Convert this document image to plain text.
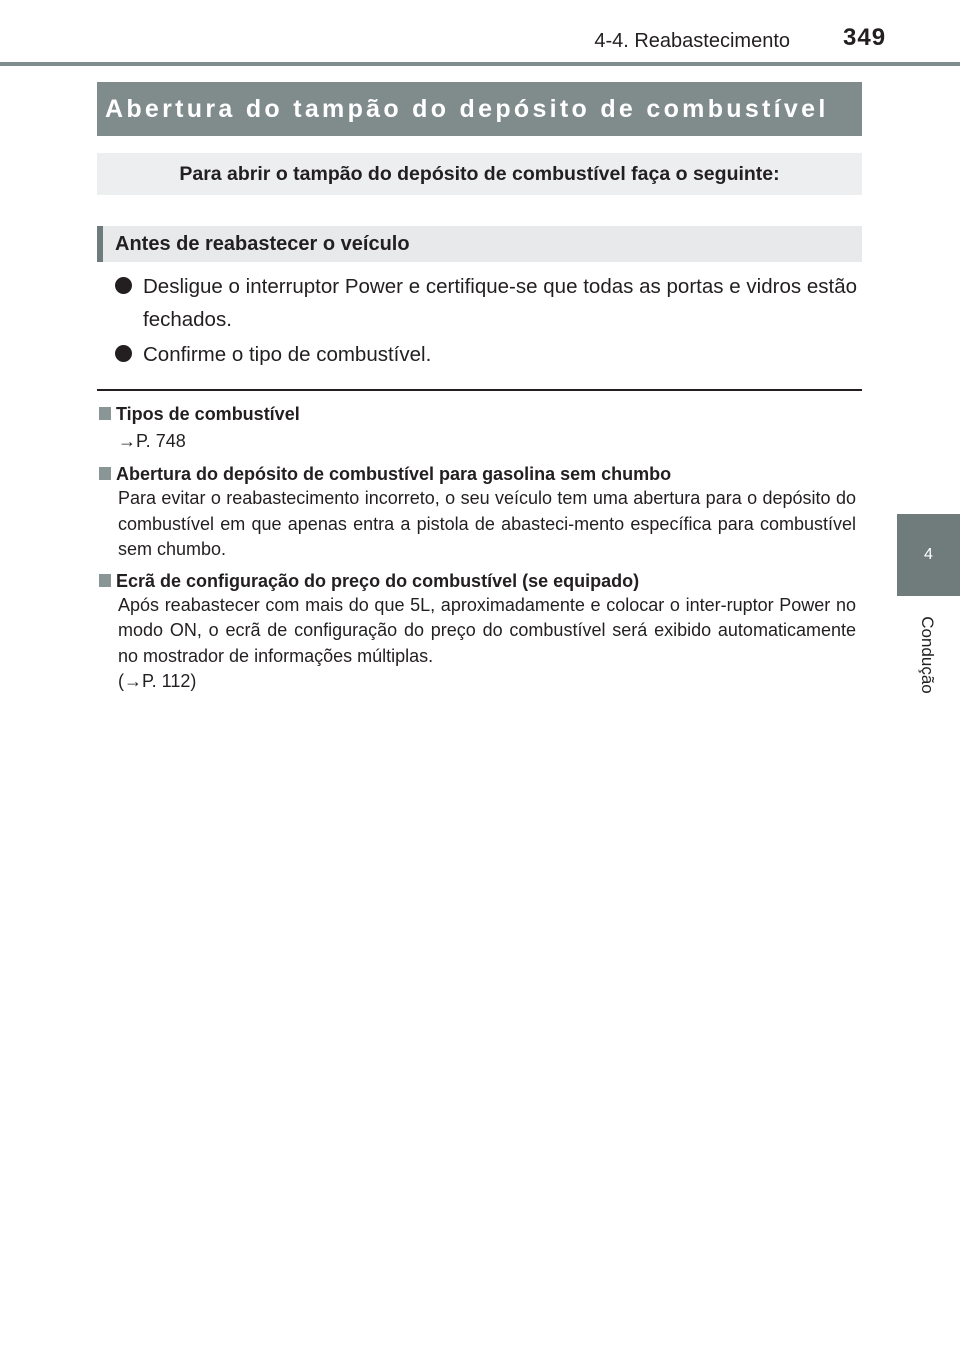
4-4. Reabastecimento 349
4
Condução
Abertura do tampão do depósito de combustível
Para abrir o tampão do depósito de combustível faça o seguinte:
Antes de reabastecer o veículo
Desligue o interruptor Power e certifique-se que todas as portas e vidros estão fechados.
Confirme o tipo de combustível.
Tipos de combustível
→P. 748
Abertura do depósito de combustível para gasolina sem chumbo
Para evitar o reabastecimento incorreto, o seu veículo tem uma abertura para o depósito do combustível em que apenas entra a pistola de abasteci-mento específica para combustível sem chumbo.
Ecrã de configuração do preço do combustível (se equipado)
Após reabastecer com mais do que 5L, aproximadamente e colocar o inter-ruptor Power no modo ON, o ecrã de configuração do preço do combustível será exibido automaticamente no mostrador de informações múltiplas.
(→P. 112)
